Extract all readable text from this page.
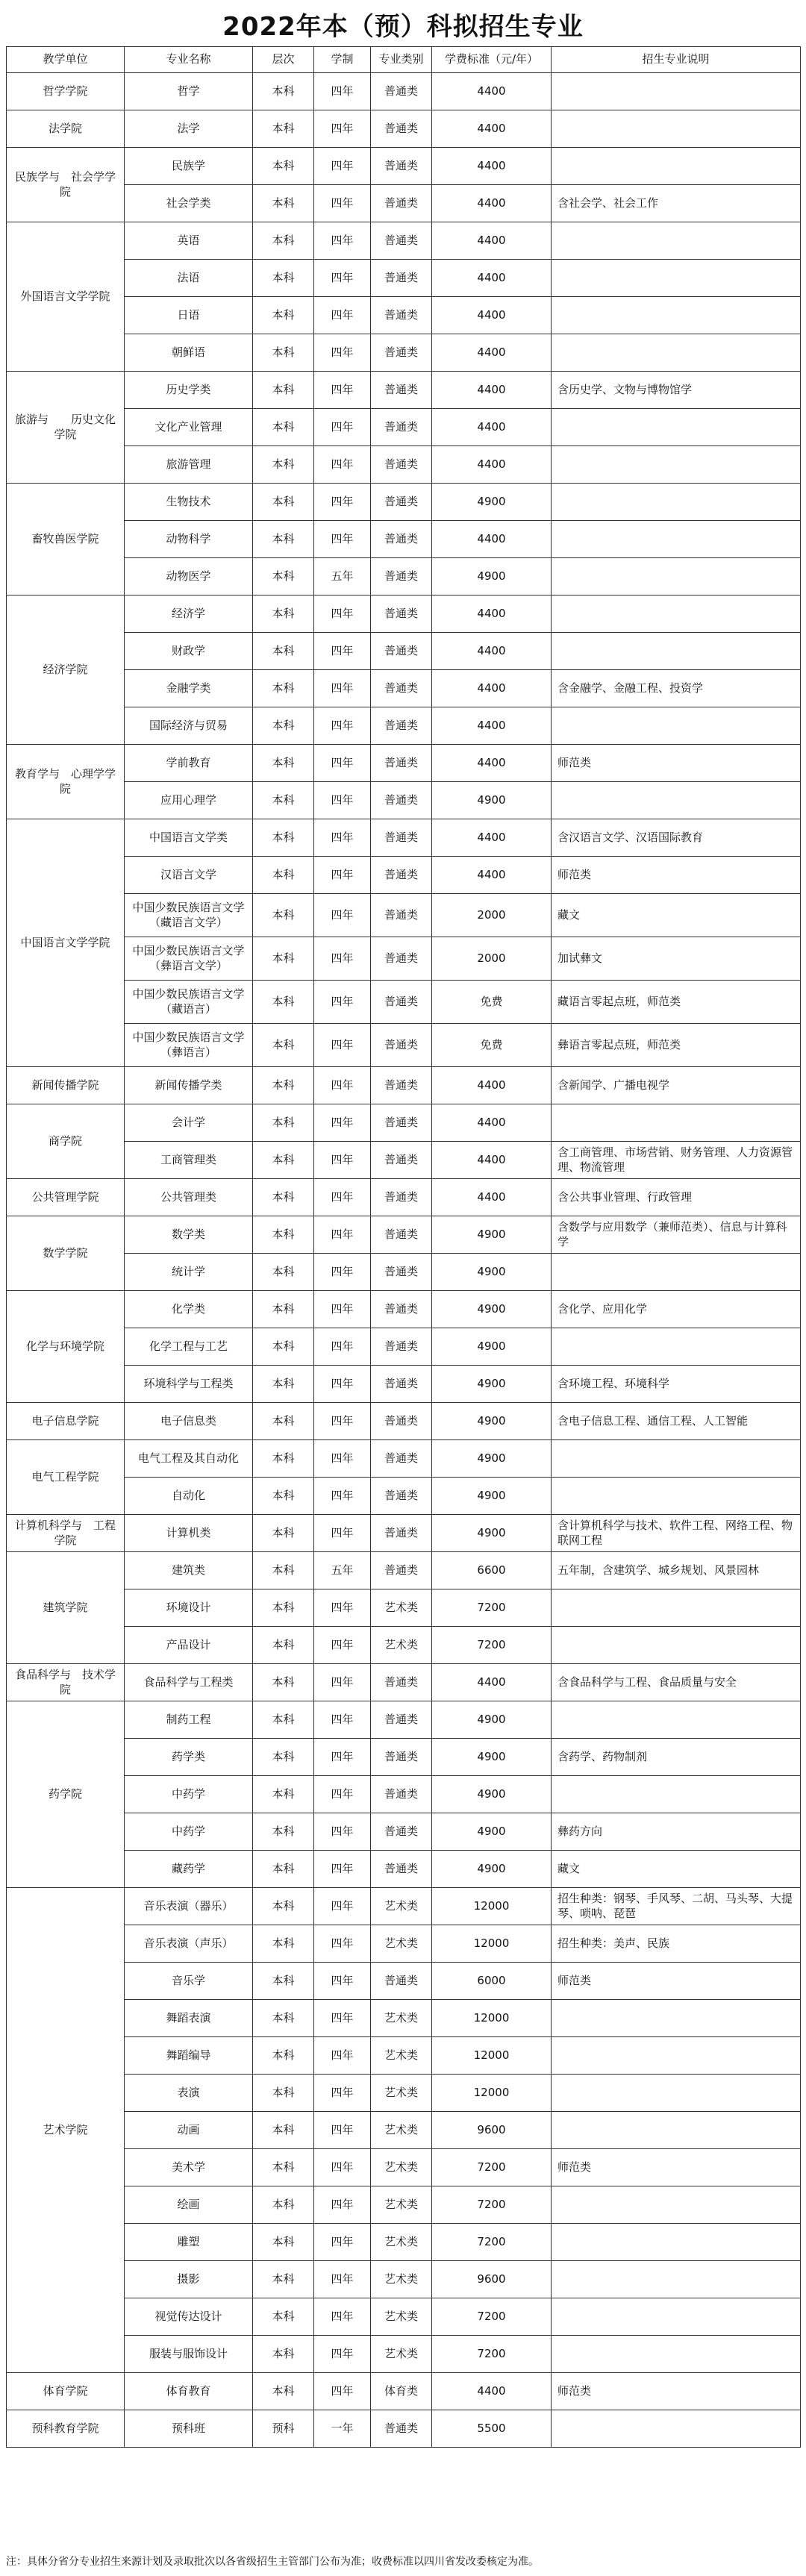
2022年本（预）科拟招生专业
教学单位	专业名称	层次	学制	专业类别	学费标准（元/年）	招生专业说明
哲学学院	哲学	本科	四年	普通类	4400	
法学院	法学	本科	四年	普通类	4400	
民族学与　社会学学院	民族学	本科	四年	普通类	4400	
	社会学类	本科	四年	普通类	4400	含社会学、社会工作
外国语言文学学院	英语	本科	四年	普通类	4400	
	法语	本科	四年	普通类	4400	
	日语	本科	四年	普通类	4400	
	朝鲜语	本科	四年	普通类	4400	
旅游与　　历史文化学院	历史学类	本科	四年	普通类	4400	含历史学、文物与博物馆学
	文化产业管理	本科	四年	普通类	4400	
	旅游管理	本科	四年	普通类	4400	
畜牧兽医学院	生物技术	本科	四年	普通类	4900	
	动物科学	本科	四年	普通类	4400	
	动物医学	本科	五年	普通类	4900	
经济学院	经济学	本科	四年	普通类	4400	
	财政学	本科	四年	普通类	4400	
	金融学类	本科	四年	普通类	4400	含金融学、金融工程、投资学
	国际经济与贸易	本科	四年	普通类	4400	
教育学与　心理学学院	学前教育	本科	四年	普通类	4400	师范类
	应用心理学	本科	四年	普通类	4900	
中国语言文学学院	中国语言文学类	本科	四年	普通类	4400	含汉语言文学、汉语国际教育
	汉语言文学	本科	四年	普通类	4400	师范类
	中国少数民族语言文学（藏语言文学）	本科	四年	普通类	2000	藏文
	中国少数民族语言文学（彝语言文学）	本科	四年	普通类	2000	加试彝文
	中国少数民族语言文学（藏语言）	本科	四年	普通类	免费	藏语言零起点班，师范类
	中国少数民族语言文学（彝语言）	本科	四年	普通类	免费	彝语言零起点班，师范类
新闻传播学院	新闻传播学类	本科	四年	普通类	4400	含新闻学、广播电视学
商学院	会计学	本科	四年	普通类	4400	
	工商管理类	本科	四年	普通类	4400	含工商管理、市场营销、财务管理、人力资源管理、物流管理
公共管理学院	公共管理类	本科	四年	普通类	4400	含公共事业管理、行政管理
数学学院	数学类	本科	四年	普通类	4900	含数学与应用数学（兼师范类）、信息与计算科学
	统计学	本科	四年	普通类	4900	
化学与环境学院	化学类	本科	四年	普通类	4900	含化学、应用化学
	化学工程与工艺	本科	四年	普通类	4900	
	环境科学与工程类	本科	四年	普通类	4900	含环境工程、环境科学
电子信息学院	电子信息类	本科	四年	普通类	4900	含电子信息工程、通信工程、人工智能
电气工程学院	电气工程及其自动化	本科	四年	普通类	4900	
	自动化	本科	四年	普通类	4900	
计算机科学与　工程学院	计算机类	本科	四年	普通类	4900	含计算机科学与技术、软件工程、网络工程、物联网工程
建筑学院	建筑类	本科	五年	普通类	6600	五年制，含建筑学、城乡规划、风景园林
	环境设计	本科	四年	艺术类	7200	
	产品设计	本科	四年	艺术类	7200	
食品科学与　技术学院	食品科学与工程类	本科	四年	普通类	4400	含食品科学与工程、食品质量与安全
药学院	制药工程	本科	四年	普通类	4900	
	药学类	本科	四年	普通类	4900	含药学、药物制剂
	中药学	本科	四年	普通类	4900	
	中药学	本科	四年	普通类	4900	彝药方向
	藏药学	本科	四年	普通类	4900	藏文
艺术学院	音乐表演（器乐）	本科	四年	艺术类	12000	招生种类：钢琴、手风琴、二胡、马头琴、大提琴、唢呐、琵琶
	音乐表演（声乐）	本科	四年	艺术类	12000	招生种类：美声、民族
	音乐学	本科	四年	普通类	6000	师范类
	舞蹈表演	本科	四年	艺术类	12000	
	舞蹈编导	本科	四年	艺术类	12000	
	表演	本科	四年	艺术类	12000	
	动画	本科	四年	艺术类	9600	
	美术学	本科	四年	艺术类	7200	师范类
	绘画	本科	四年	艺术类	7200	
	雕塑	本科	四年	艺术类	7200	
	摄影	本科	四年	艺术类	9600	
	视觉传达设计	本科	四年	艺术类	7200	
	服装与服饰设计	本科	四年	艺术类	7200	
体育学院	体育教育	本科	四年	体育类	4400	师范类
预科教育学院	预科班	预科	一年	普通类	5500	
注：具体分省分专业招生来源计划及录取批次以各省级招生主管部门公布为准；收费标准以四川省发改委核定为准。
